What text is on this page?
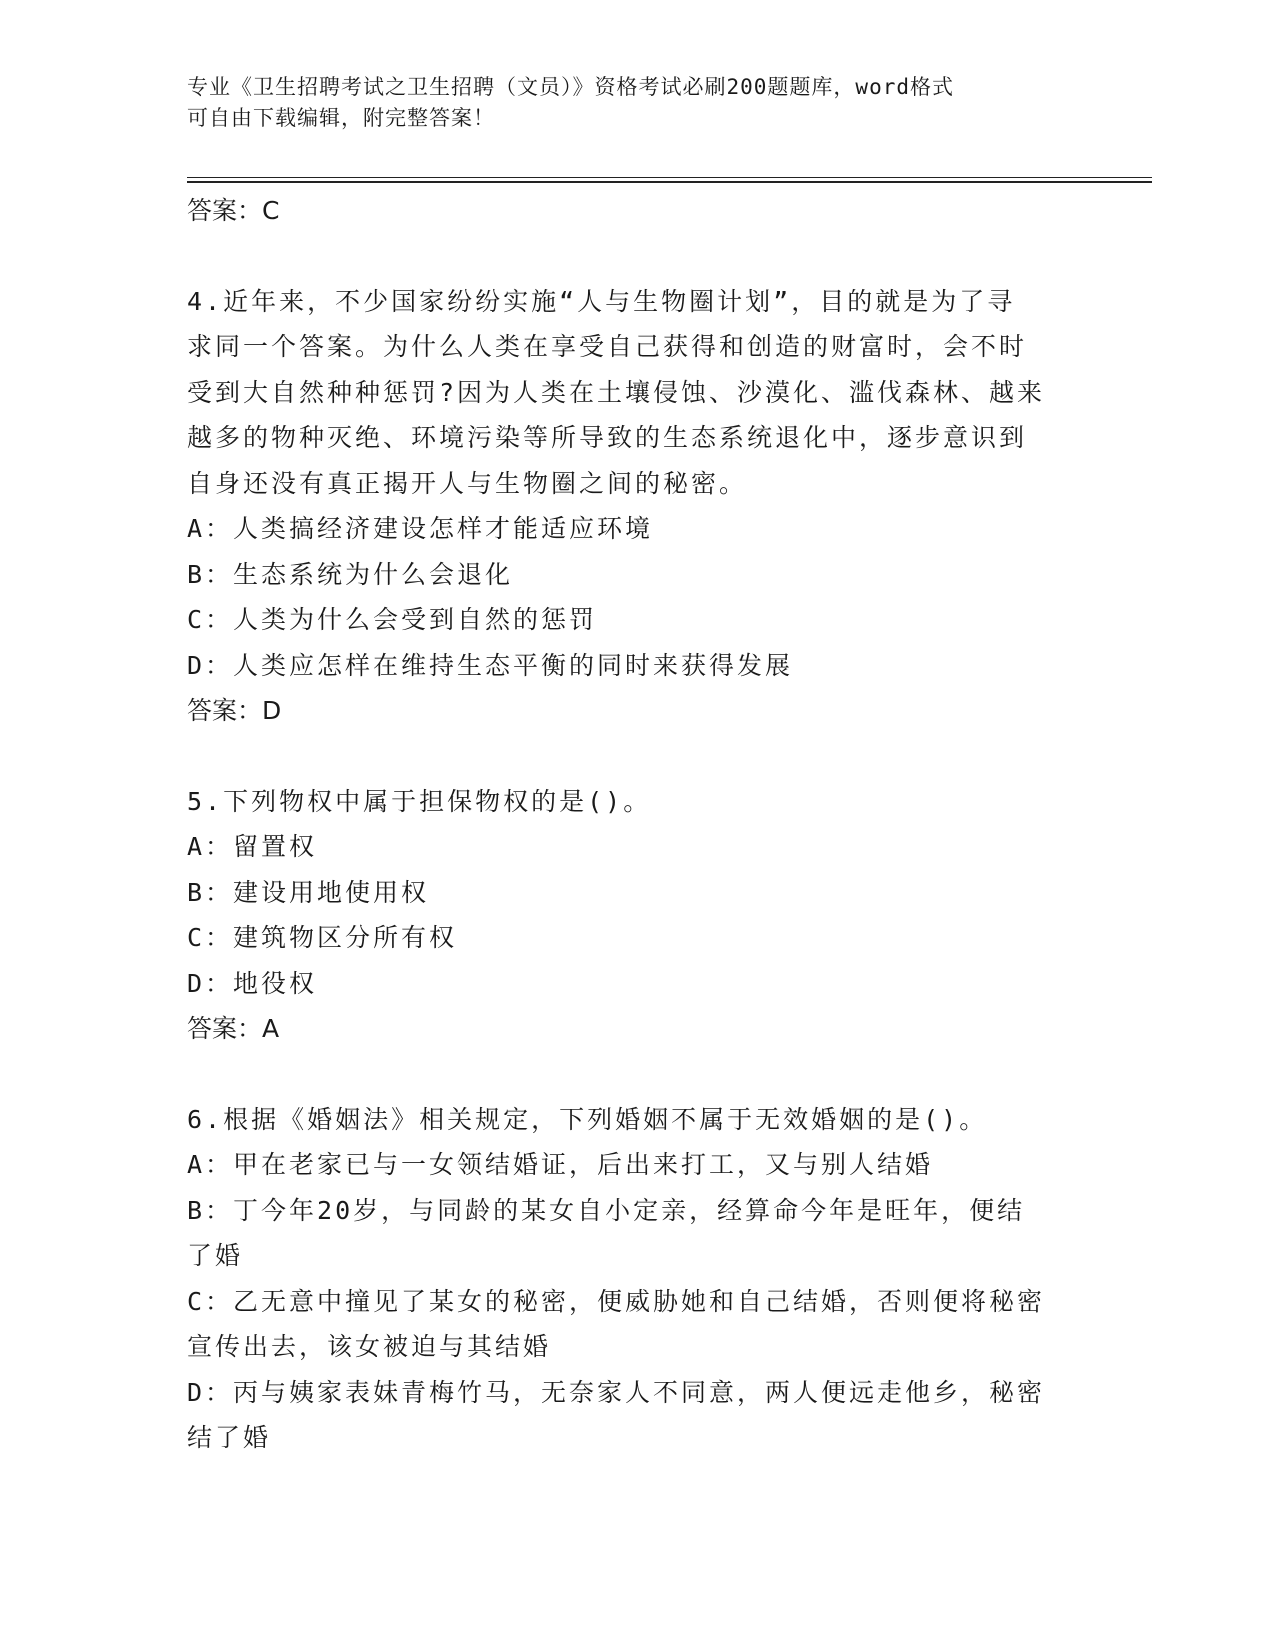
专业《卫生招聘考试之卫生招聘（文员）》资格考试必刷200题题库，word格式

可自由下载编辑，附完整答案！

答案：C

4.近年来，不少国家纷纷实施“人与生物圈计划”，目的就是为了寻

求同一个答案。为什么人类在享受自己获得和创造的财富时，会不时

受到大自然种种惩罚?因为人类在土壤侵蚀、沙漠化、滥伐森林、越来

越多的物种灭绝、环境污染等所导致的生态系统退化中，逐步意识到

自身还没有真正揭开人与生物圈之间的秘密。

A：人类搞经济建设怎样才能适应环境

B：生态系统为什么会退化

C：人类为什么会受到自然的惩罚

D：人类应怎样在维持生态平衡的同时来获得发展

答案：D

5.下列物权中属于担保物权的是()。

A：留置权

B：建设用地使用权

C：建筑物区分所有权

D：地役权

答案：A

6.根据《婚姻法》相关规定，下列婚姻不属于无效婚姻的是()。

A：甲在老家已与一女领结婚证，后出来打工，又与别人结婚

B：丁今年20岁，与同龄的某女自小定亲，经算命今年是旺年，便结

了婚

C：乙无意中撞见了某女的秘密，便威胁她和自己结婚，否则便将秘密

宣传出去，该女被迫与其结婚

D：丙与姨家表妹青梅竹马，无奈家人不同意，两人便远走他乡，秘密

结了婚
